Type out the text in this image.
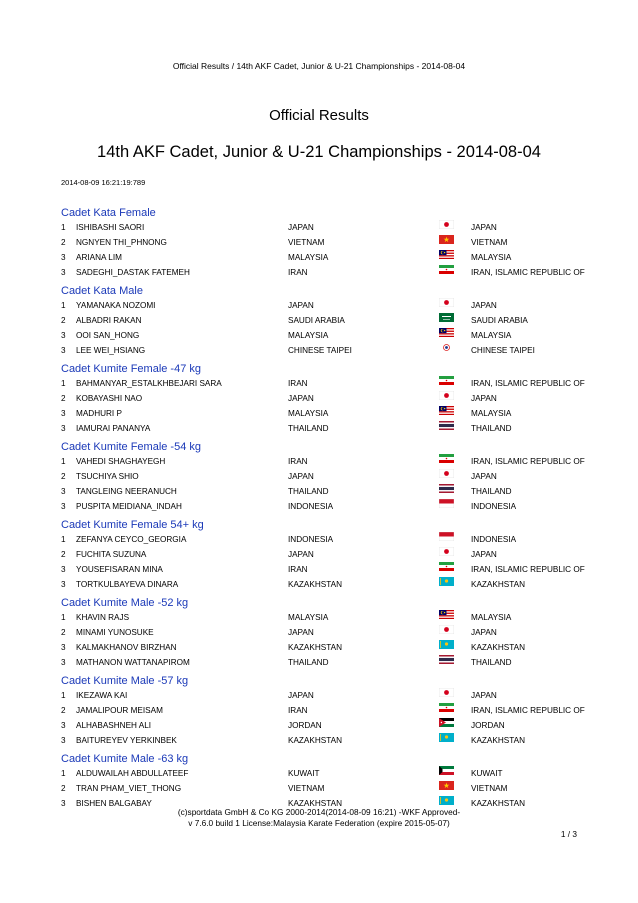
Official Results / 14th AKF Cadet, Junior & U-21 Championships - 2014-08-04
Official Results
14th AKF Cadet, Junior & U-21 Championships - 2014-08-04
2014-08-09 16:21:19:789
Cadet Kata Female
1 ISHIBASHI SAORI	JAPAN	JAPAN
2 NGNYEN THI_PHNONG	VIETNAM	VIETNAM
3 ARIANA LIM	MALAYSIA	MALAYSIA
3 SADEGHI_DASTAK FATEMEH	IRAN	IRAN, ISLAMIC REPUBLIC OF
Cadet Kata Male
1 YAMANAKA NOZOMI	JAPAN	JAPAN
2 ALBADRI RAKAN	SAUDI ARABIA	SAUDI ARABIA
3 OOI SAN_HONG	MALAYSIA	MALAYSIA
3 LEE WEI_HSIANG	CHINESE TAIPEI	CHINESE TAIPEI
Cadet Kumite Female -47 kg
1 BAHMANYAR_ESTALKHBEJARI SARA	IRAN	IRAN, ISLAMIC REPUBLIC OF
2 KOBAYASHI NAO	JAPAN	JAPAN
3 MADHURI P	MALAYSIA	MALAYSIA
3 IAMURAI PANANYA	THAILAND	THAILAND
Cadet Kumite Female -54 kg
1 VAHEDI SHAGHAYEGH	IRAN	IRAN, ISLAMIC REPUBLIC OF
2 TSUCHIYA SHIO	JAPAN	JAPAN
3 TANGLEING NEERANUCH	THAILAND	THAILAND
3 PUSPITA MEIDIANA_INDAH	INDONESIA	INDONESIA
Cadet Kumite Female 54+ kg
1 ZEFANYA CEYCO_GEORGIA	INDONESIA	INDONESIA
2 FUCHITA SUZUNA	JAPAN	JAPAN
3 YOUSEFISARAN MINA	IRAN	IRAN, ISLAMIC REPUBLIC OF
3 TORTKULBAYEVA DINARA	KAZAKHSTAN	KAZAKHSTAN
Cadet Kumite Male -52 kg
1 KHAVIN RAJS	MALAYSIA	MALAYSIA
2 MINAMI YUNOSUKE	JAPAN	JAPAN
3 KALMAKHANOV BIRZHAN	KAZAKHSTAN	KAZAKHSTAN
3 MATHANON WATTANAPIROM	THAILAND	THAILAND
Cadet Kumite Male -57 kg
1 IKEZAWA KAI	JAPAN	JAPAN
2 JAMALIPOUR MEISAM	IRAN	IRAN, ISLAMIC REPUBLIC OF
3 ALHABASHNEH ALI	JORDAN	JORDAN
3 BAITUREYEV YERKINBEK	KAZAKHSTAN	KAZAKHSTAN
Cadet Kumite Male -63 kg
1 ALDUWAILAH ABDULLATEEF	KUWAIT	KUWAIT
2 TRAN PHAM_VIET_THONG	VIETNAM	VIETNAM
3 BISHEN BALGABAY	KAZAKHSTAN	KAZAKHSTAN
(c)sportdata GmbH & Co KG 2000-2014(2014-08-09 16:21) -WKF Approved-
v 7.6.0 build 1 License:Malaysia Karate Federation (expire 2015-05-07)
1 / 3
